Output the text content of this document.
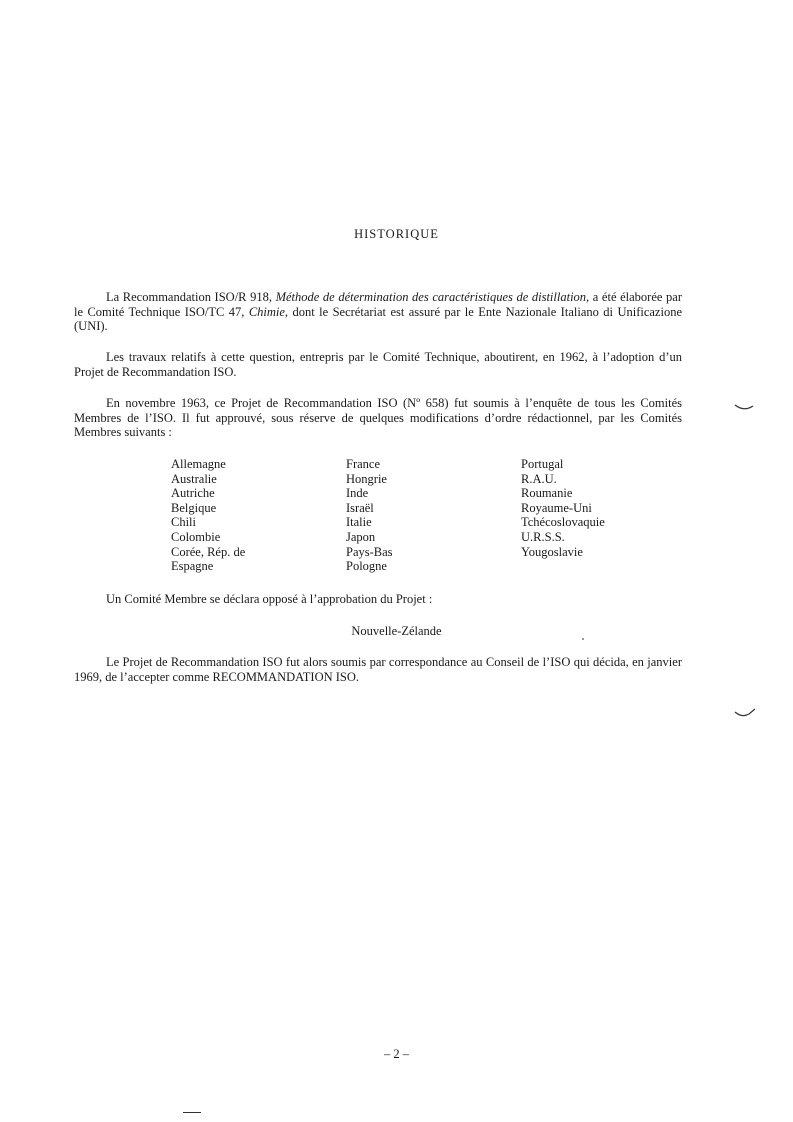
HISTORIQUE

La Recommandation ISO/R 918, Méthode de détermination des caractéristiques de distillation, a été élaborée par le Comité Technique ISO/TC 47, Chimie, dont le Secrétariat est assuré par le Ente Nazionale Italiano di Unificazione (UNI).

Les travaux relatifs à cette question, entrepris par le Comité Technique, aboutirent, en 1962, à l’adoption d’un Projet de Recommandation ISO.

En novembre 1963, ce Projet de Recommandation ISO (Nº 658) fut soumis à l’enquête de tous les Comités Membres de l’ISO. Il fut approuvé, sous réserve de quelques modifications d’ordre rédactionnel, par les Comités Membres suivants :

Allemagne
Australie
Autriche
Belgique
Chili
Colombie
Corée, Rép. de
Espagne
France
Hongrie
Inde
Israël
Italie
Japon
Pays-Bas
Pologne
Portugal
R.A.U.
Roumanie
Royaume-Uni
Tchécoslovaquie
U.R.S.S.
Yougoslavie

Un Comité Membre se déclara opposé à l’approbation du Projet :

Nouvelle-Zélande

Le Projet de Recommandation ISO fut alors soumis par correspondance au Conseil de l’ISO qui décida, en janvier 1969, de l’accepter comme RECOMMANDATION ISO.

– 2 –
